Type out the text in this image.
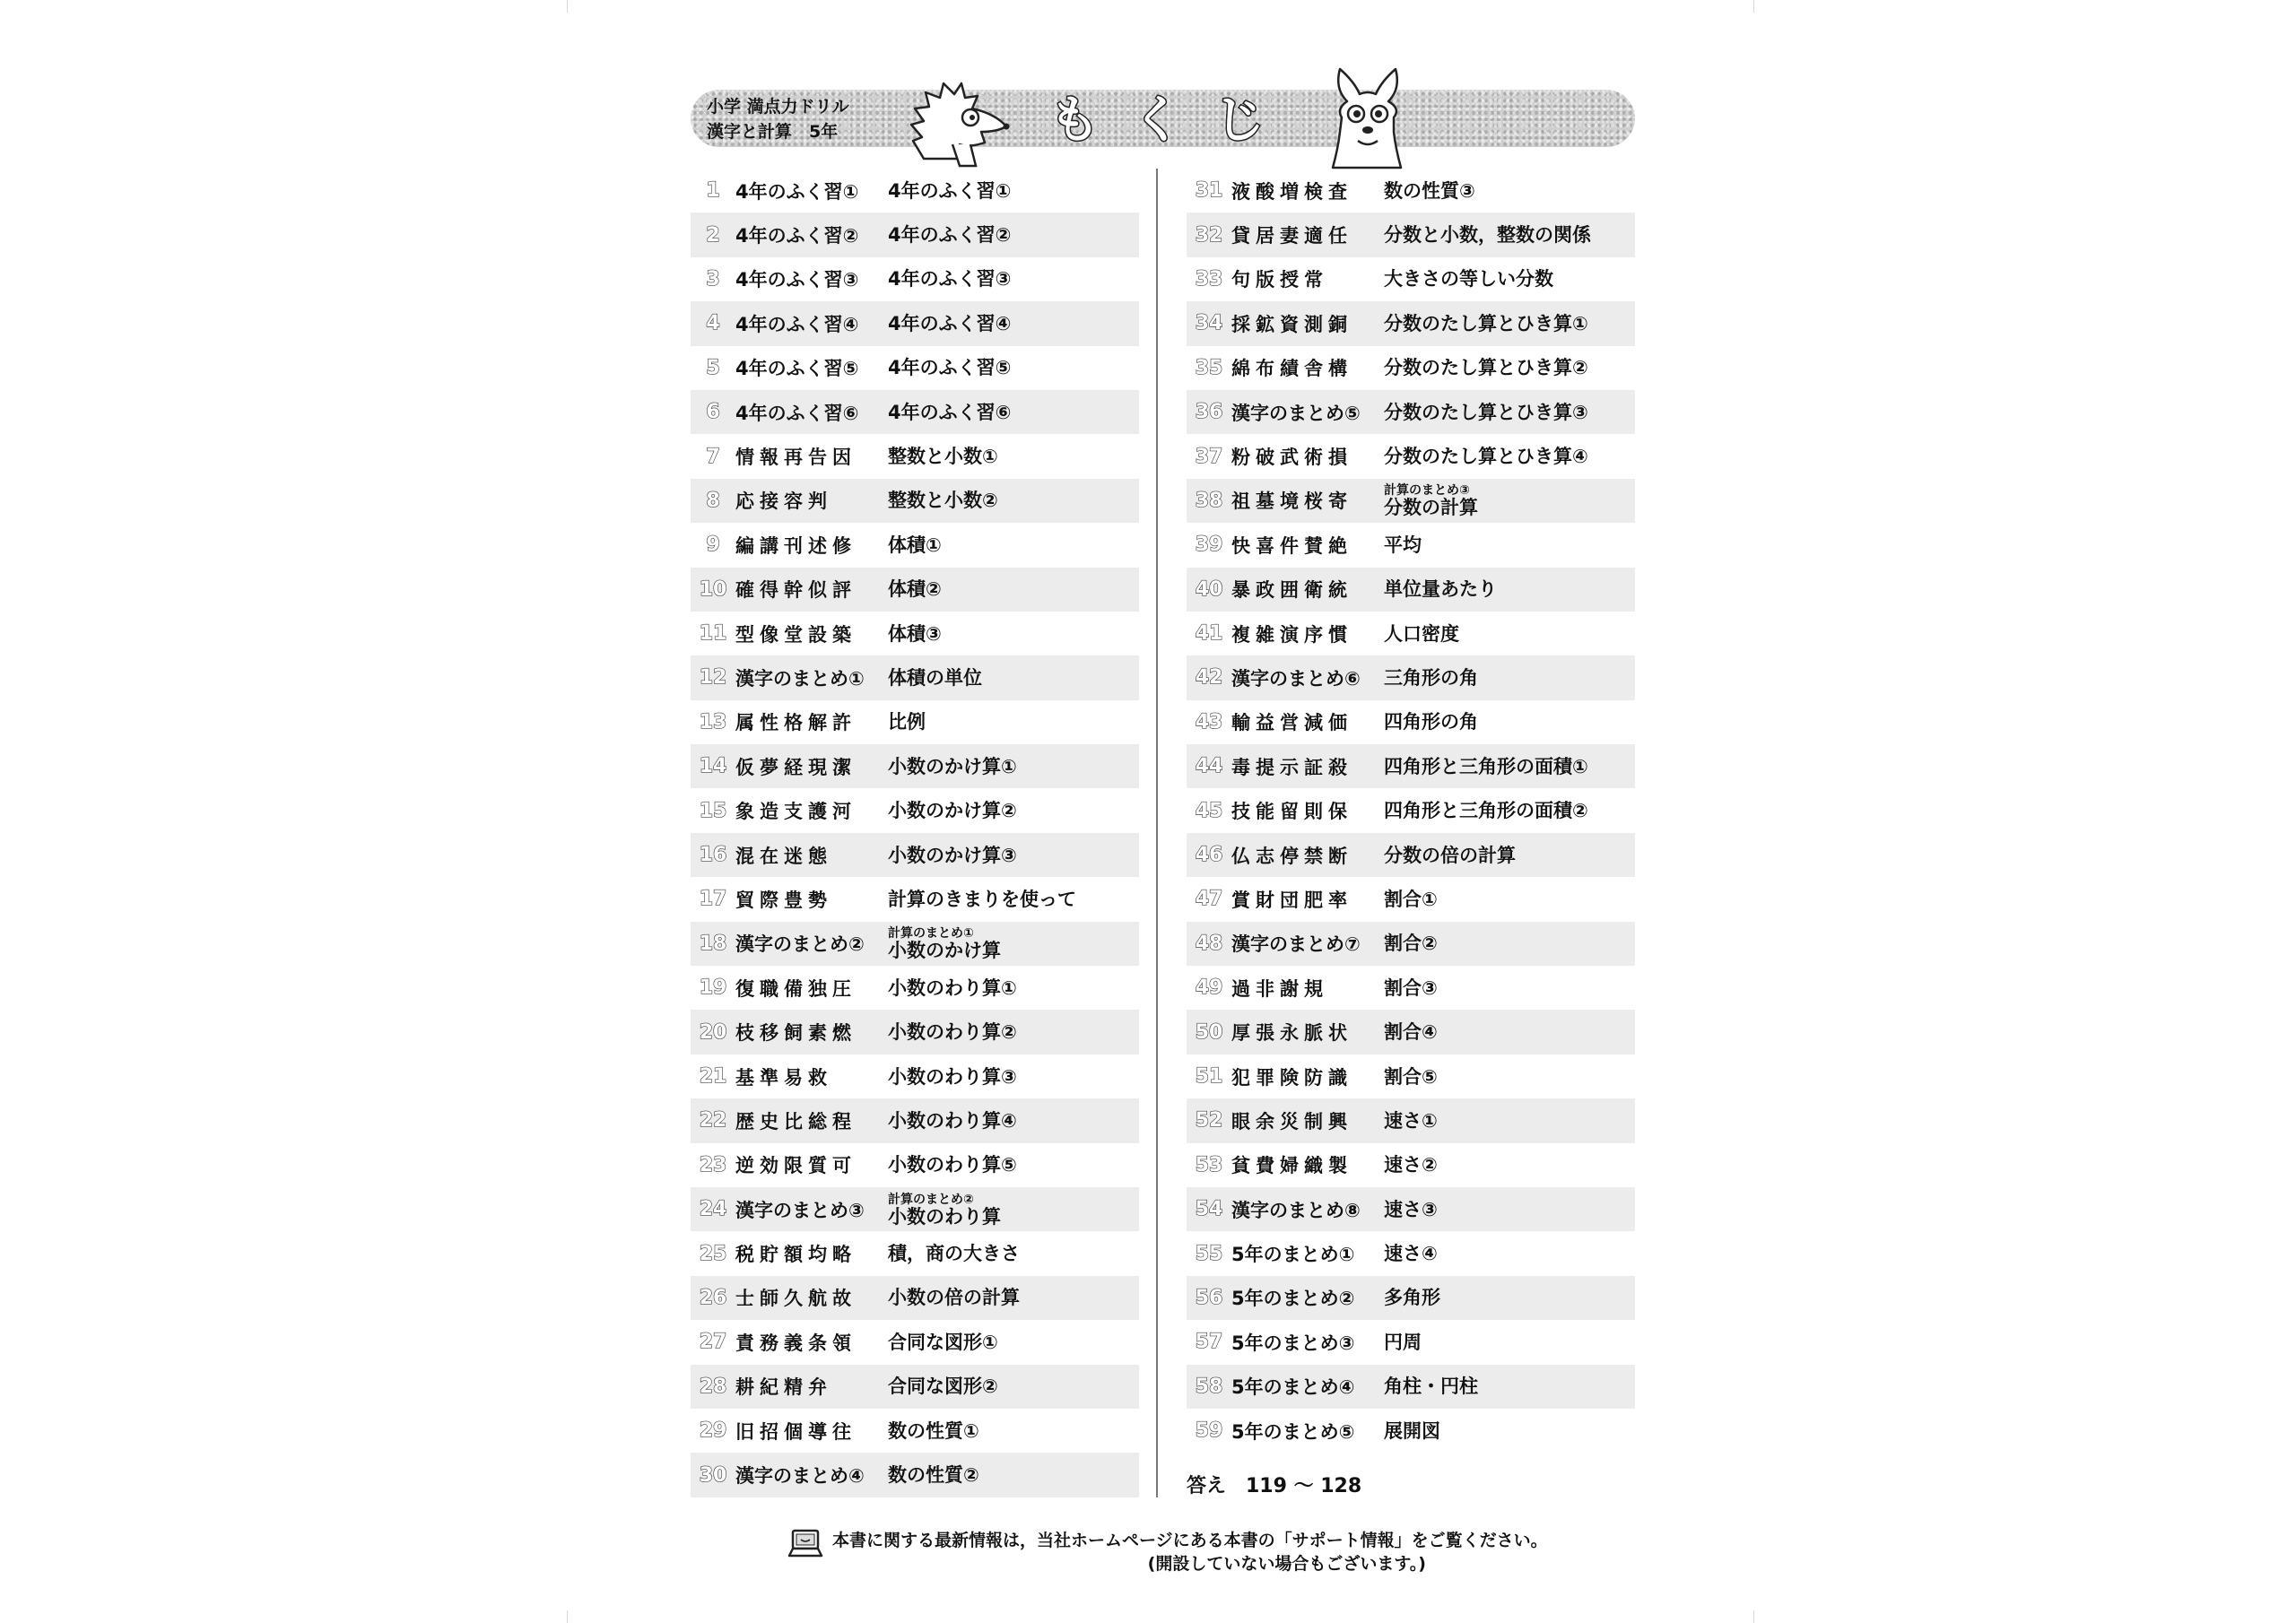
小学 満点力ドリル
漢字と計算　5年	も く じ
1 4年のふく習①	4年のふく習①
2 4年のふく習②	4年のふく習②
3 4年のふく習③	4年のふく習③
4 4年のふく習④	4年のふく習④
5 4年のふく習⑤	4年のふく習⑤
6 4年のふく習⑥	4年のふく習⑥
7 情報再告因	整数と小数①
8 応接容判	整数と小数②
9 編講刊述修	体積①
10 確得幹似評	体積②
11 型像堂設築	体積③
12 漢字のまとめ①	体積の単位
13 属性格解許	比例
14 仮夢経現潔	小数のかけ算①
15 象造支護河	小数のかけ算②
16 混在迷態	小数のかけ算③
17 貿際豊勢	計算のきまりを使って
18 漢字のまとめ②	計算のまとめ①
小数のかけ算
19 復職備独圧	小数のわり算①
20 枝移飼素燃	小数のわり算②
21 基準易救	小数のわり算③
22 歴史比総程	小数のわり算④
23 逆効限質可	小数のわり算⑤
24 漢字のまとめ③	計算のまとめ②
小数のわり算
25 税貯額均略	積，商の大きさ
26 士師久航故	小数の倍の計算
27 責務義条領	合同な図形①
28 耕紀精弁	合同な図形②
29 旧招個導往	数の性質①
30 漢字のまとめ④	数の性質②
31 液酸増検査	数の性質③
32 貸居妻適任	分数と小数，整数の関係
33 句版授常	大きさの等しい分数
34 採鉱資測銅	分数のたし算とひき算①
35 綿布績舎構	分数のたし算とひき算②
36 漢字のまとめ⑤	分数のたし算とひき算③
37 粉破武術損	分数のたし算とひき算④
38 祖墓境桜寄	計算のまとめ③
分数の計算
39 快喜件賛絶	平均
40 暴政囲衛統	単位量あたり
41 複雑演序慣	人口密度
42 漢字のまとめ⑥	三角形の角
43 輸益営減価	四角形の角
44 毒提示証殺	四角形と三角形の面積①
45 技能留則保	四角形と三角形の面積②
46 仏志停禁断	分数の倍の計算
47 賞財団肥率	割合①
48 漢字のまとめ⑦	割合②
49 過非謝規	割合③
50 厚張永脈状	割合④
51 犯罪険防識	割合⑤
52 眼余災制興	速さ①
53 貧費婦織製	速さ②
54 漢字のまとめ⑧	速さ③
55 5年のまとめ①	速さ④
56 5年のまとめ②	多角形
57 5年のまとめ③	円周
58 5年のまとめ④	角柱・円柱
59 5年のまとめ⑤	展開図
答え　119 ～ 128
本書に関する最新情報は，当社ホームページにある本書の「サポート情報」をご覧ください。
(開設していない場合もございます。)
